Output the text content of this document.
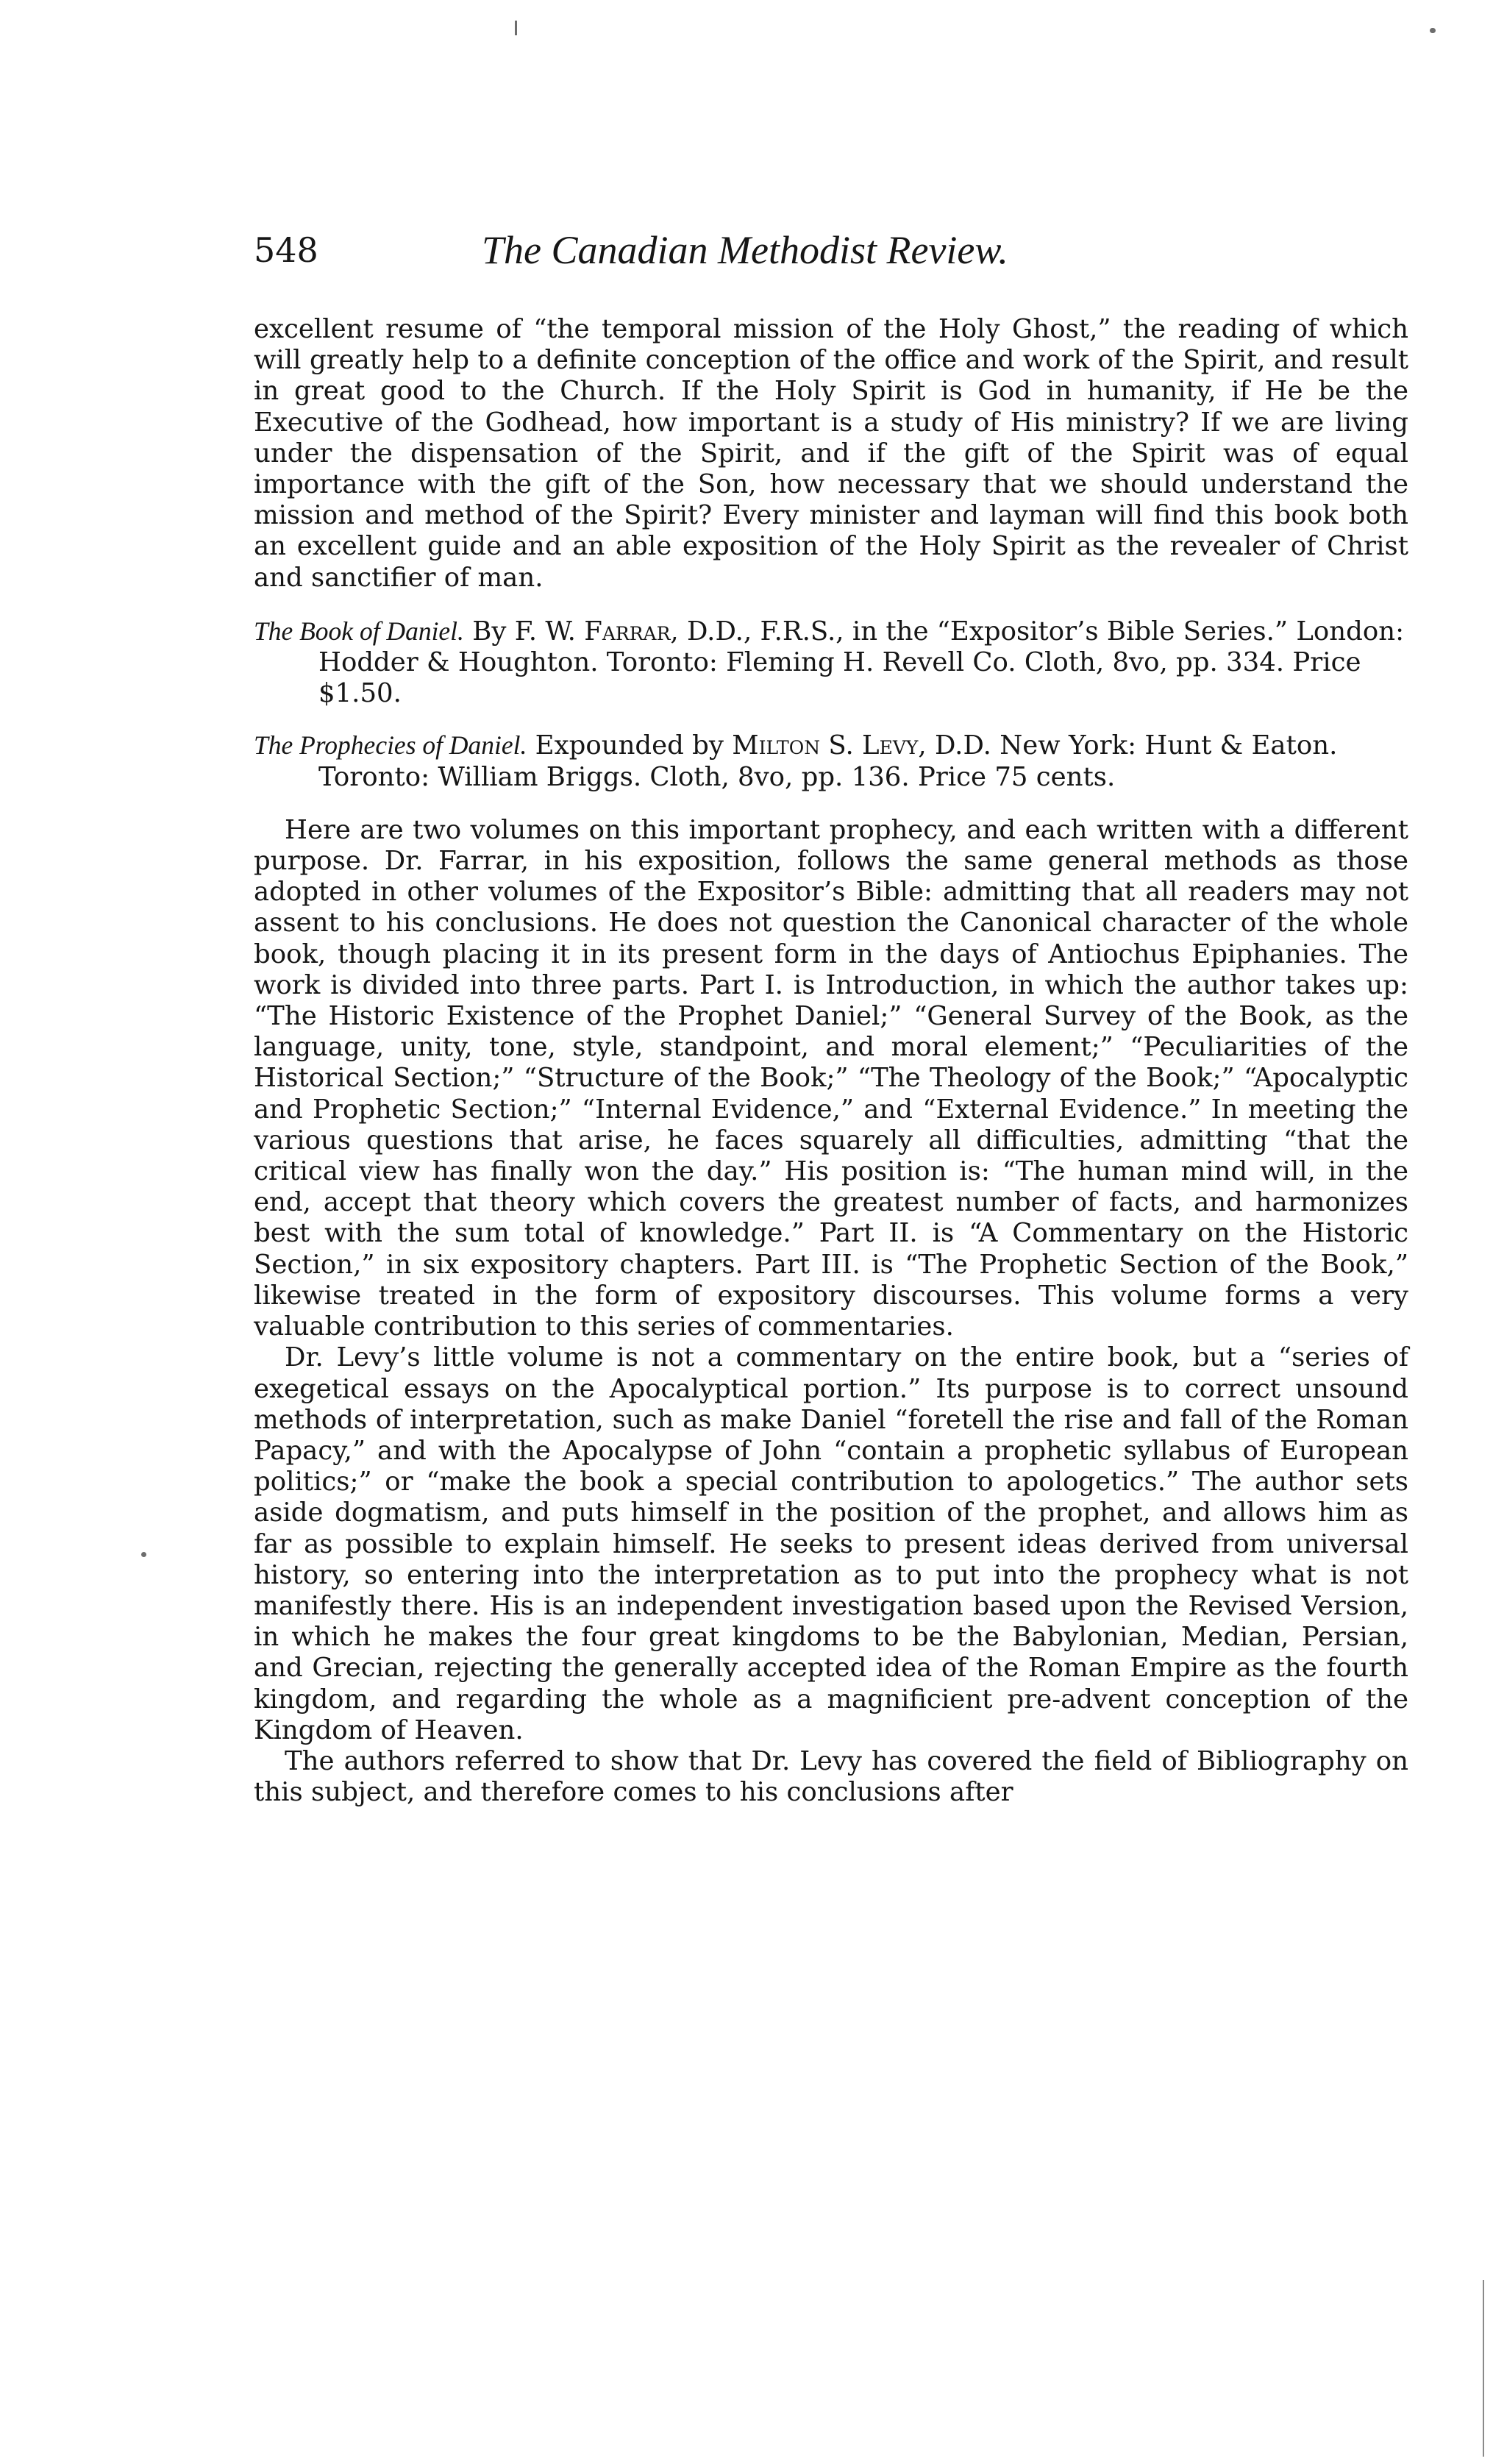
548	The Canadian Methodist Review.

excellent resume of “the temporal mission of the Holy Ghost,” the reading of which will greatly help to a definite conception of the office and work of the Spirit, and result in great good to the Church. If the Holy Spirit is God in humanity, if He be the Executive of the Godhead, how important is a study of His ministry? If we are living under the dispensation of the Spirit, and if the gift of the Spirit was of equal importance with the gift of the Son, how necessary that we should understand the mission and method of the Spirit? Every minister and layman will find this book both an excellent guide and an able exposition of the Holy Spirit as the revealer of Christ and sanctifier of man.

The Book of Daniel. By F. W. Farrar, D.D., F.R.S., in the “Expositor’s Bible Series.” London: Hodder & Houghton. Toronto: Fleming H. Revell Co. Cloth, 8vo, pp. 334. Price $1.50.

The Prophecies of Daniel. Expounded by Milton S. Levy, D.D. New York: Hunt & Eaton. Toronto: William Briggs. Cloth, 8vo, pp. 136. Price 75 cents.

Here are two volumes on this important prophecy, and each written with a different purpose. Dr. Farrar, in his exposition, follows the same general methods as those adopted in other volumes of the Expositor’s Bible: admitting that all readers may not assent to his conclusions. He does not question the Canonical character of the whole book, though placing it in its present form in the days of Antiochus Epiphanies. The work is divided into three parts. Part I. is Introduction, in which the author takes up: “The Historic Existence of the Prophet Daniel;” “General Survey of the Book, as the language, unity, tone, style, standpoint, and moral element;” “Peculiarities of the Historical Section;” “Structure of the Book;” “The Theology of the Book;” “Apocalyptic and Prophetic Section;” “Internal Evidence,” and “External Evidence.” In meeting the various questions that arise, he faces squarely all difficulties, admitting “that the critical view has finally won the day.” His position is: “The human mind will, in the end, accept that theory which covers the greatest number of facts, and harmonizes best with the sum total of knowledge.” Part II. is “A Commentary on the Historic Section,” in six expository chapters. Part III. is “The Prophetic Section of the Book,” likewise treated in the form of expository discourses. This volume forms a very valuable contribution to this series of commentaries.

Dr. Levy’s little volume is not a commentary on the entire book, but a “series of exegetical essays on the Apocalyptical portion.” Its purpose is to correct unsound methods of interpretation, such as make Daniel “foretell the rise and fall of the Roman Papacy,” and with the Apocalypse of John “contain a prophetic syllabus of European politics;” or “make the book a special contribution to apologetics.” The author sets aside dogmatism, and puts himself in the position of the prophet, and allows him as far as possible to explain himself. He seeks to present ideas derived from universal history, so entering into the interpretation as to put into the prophecy what is not manifestly there. His is an independent investigation based upon the Revised Version, in which he makes the four great kingdoms to be the Babylonian, Median, Persian, and Grecian, rejecting the generally accepted idea of the Roman Empire as the fourth kingdom, and regarding the whole as a magnificient pre-advent conception of the Kingdom of Heaven.

The authors referred to show that Dr. Levy has covered the field of Bibliography on this subject, and therefore comes to his conclusions after
